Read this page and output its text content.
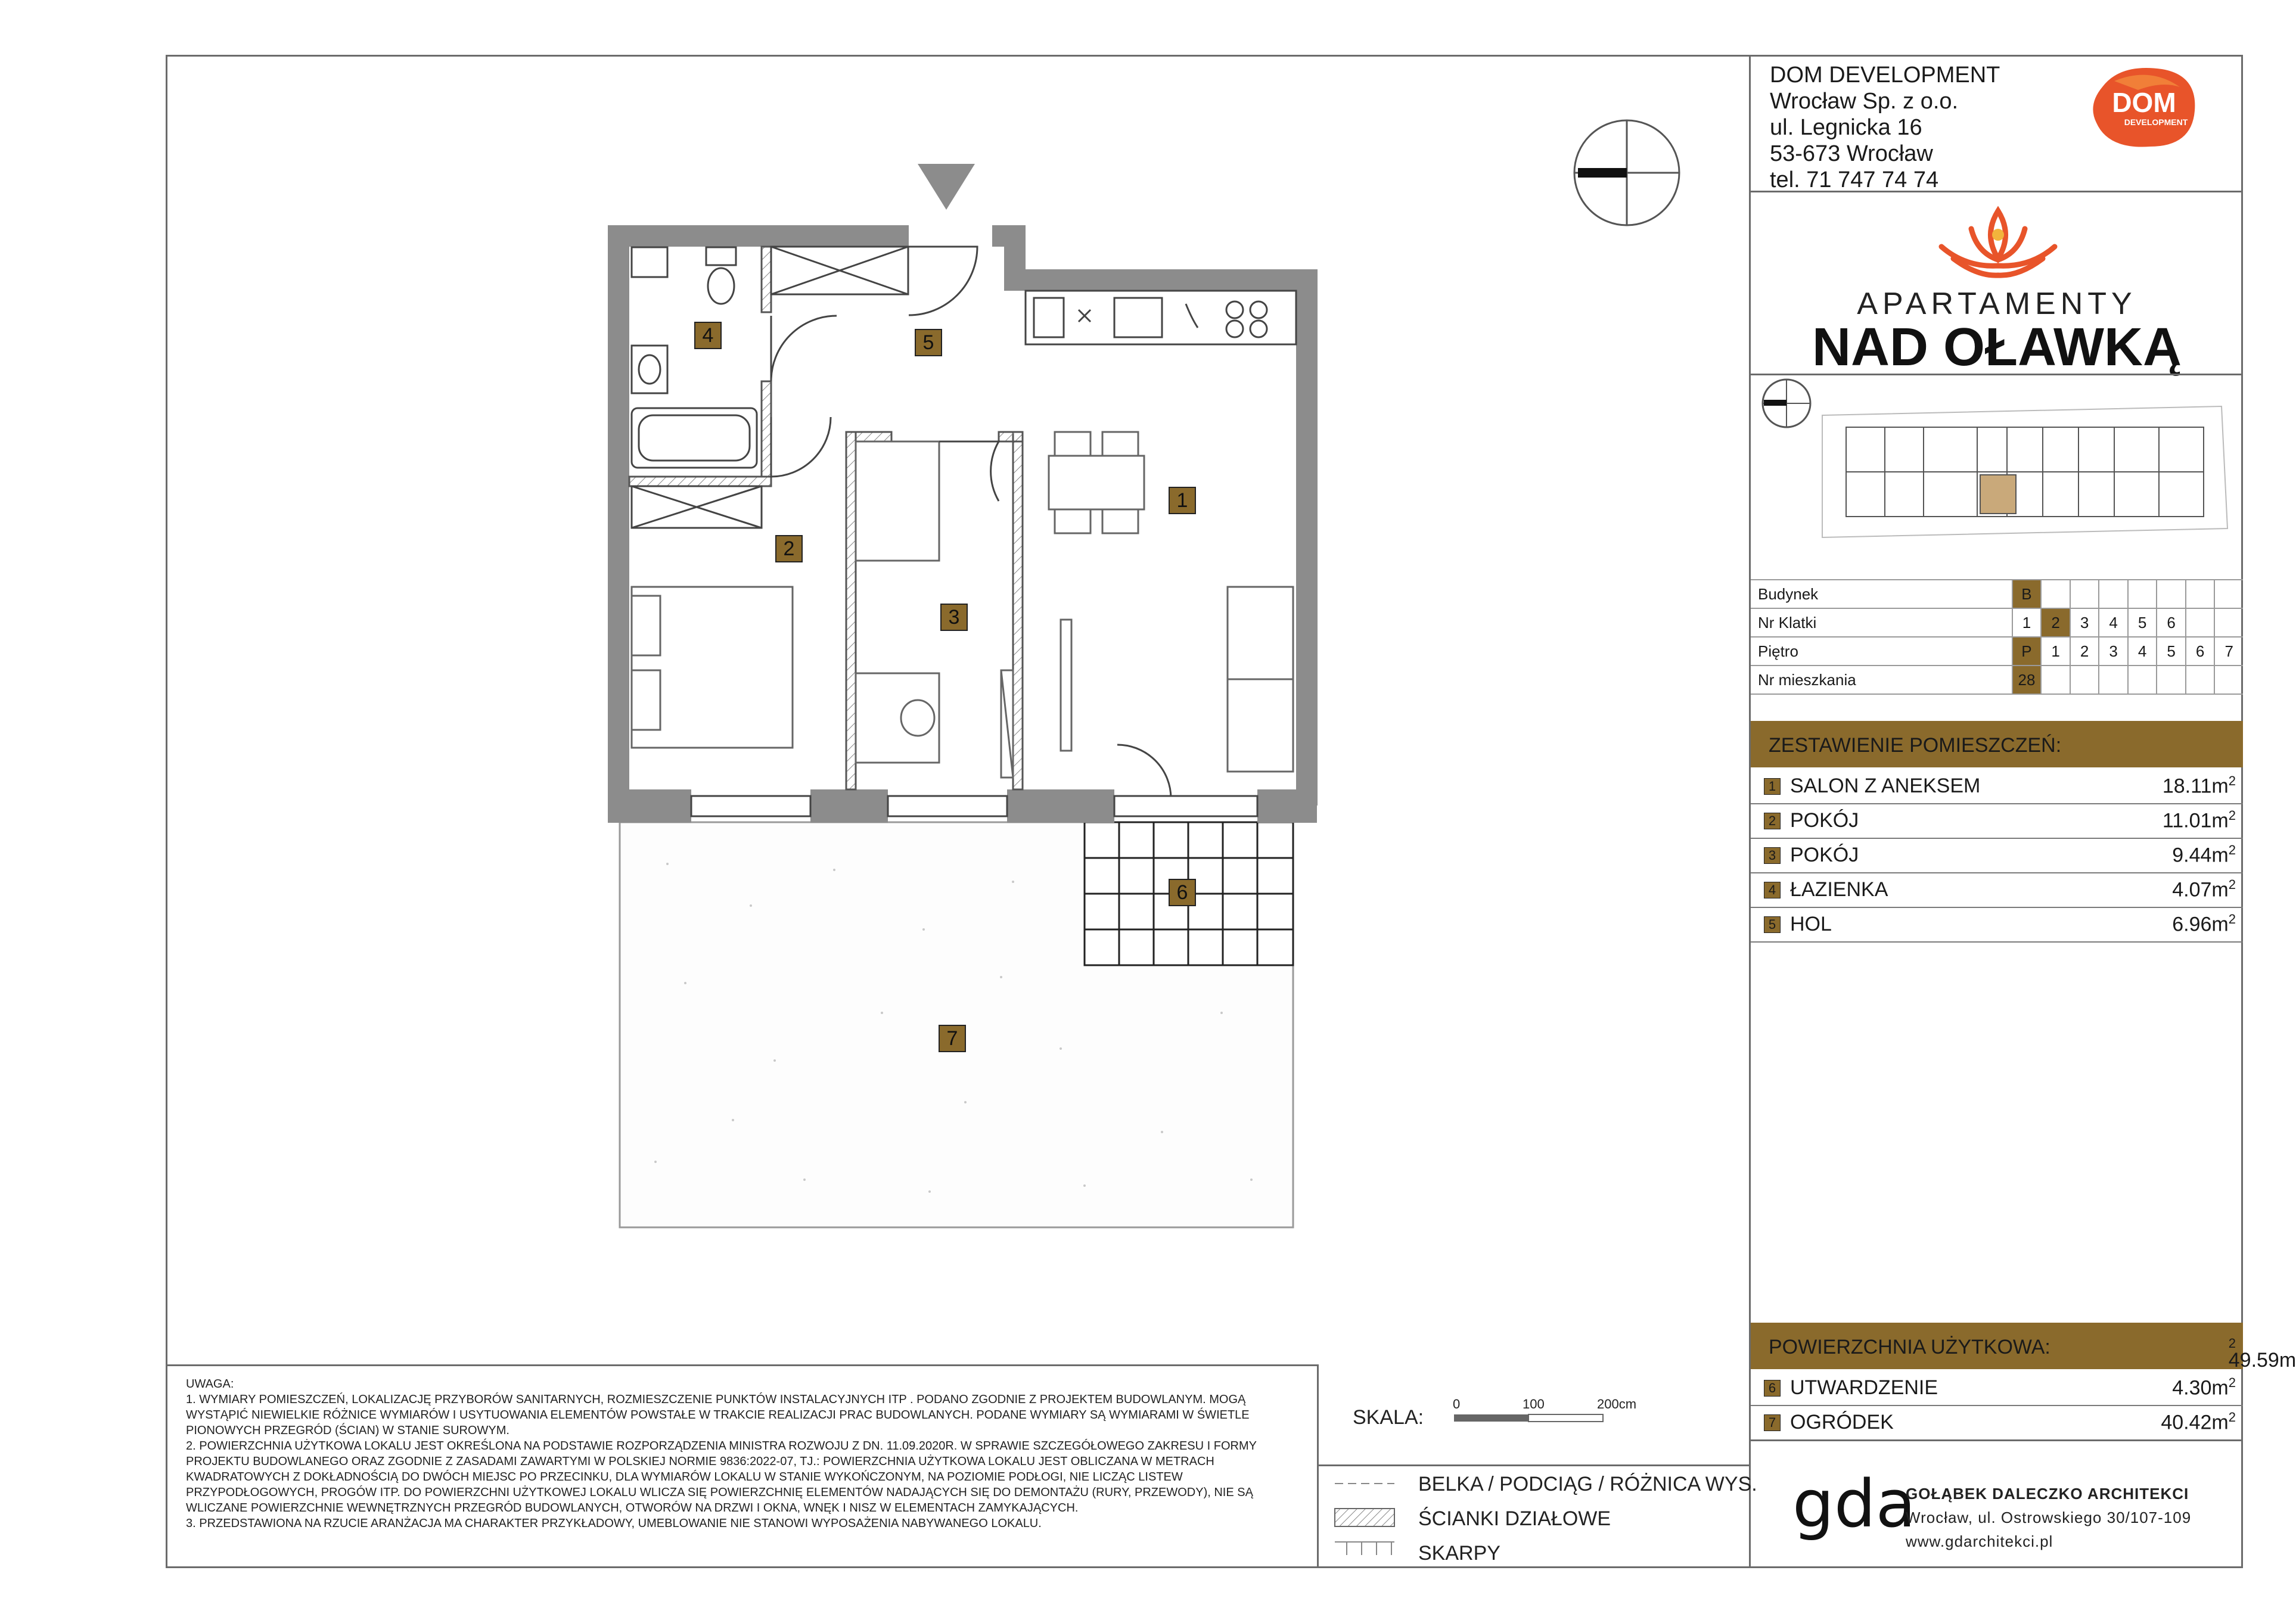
1
2
3
4	5
6
7
DOM DEVELOPMENT
Wrocław Sp. z o.o.
ul. Legnicka 16
53-673 Wrocław
tel. 71 747 74 74
DOM
DEVELOPMENT
APARTAMENTY
NAD OŁAWKĄ
Budynek	B							
Nr Klatki	1	2	3	4	5	6		
Piętro	P	1	2	3	4	5	6	7
Nr mieszkania	28							
ZESTAWIENIE POMIESZCZEŃ:
1 SALON Z ANEKSEM	$18.11m^2$
2 POKÓJ	$11.01m^2$
3 POKÓJ	$9.44m^2$
4 ŁAZIENKA	$4.07m^2$
5 HOL	$6.96m^2$
POWIERZCHNIA UŻYTKOWA:
49.59m
$^2$
6 UTWARDZENIE	$4.30m^2$
7 OGRÓDEK	$40.42m^2$
gda
GOŁĄBEK DALECZKO ARCHITEKCI
Wrocław, ul. Ostrowskiego 30/107-109
www.gdarchitekci.pl

UWAGA:

1. WYMIARY POMIESZCZEŃ, LOKALIZACJĘ PRZYBORÓW SANITARNYCH, ROZMIESZCZENIE PUNKTÓW INSTALACYJNYCH ITP . PODANO ZGODNIE Z PROJEKTEM BUDOWLANYM. MOGĄ

WYSTĄPIĆ NIEWIELKIE RÓŻNICE WYMIARÓW I USYTUOWANIA ELEMENTÓW POWSTAŁE W TRAKCIE REALIZACJI PRAC BUDOWLANYCH. PODANE WYMIARY SĄ WYMIARAMI W ŚWIETLE

PIONOWYCH PRZEGRÓD (ŚCIAN) W STANIE SUROWYM.

2. POWIERZCHNIA UŻYTKOWA LOKALU JEST OKREŚLONA NA PODSTAWIE ROZPORZĄDZENIA MINISTRA ROZWOJU Z DN. 11.09.2020R. W SPRAWIE SZCZEGÓŁOWEGO ZAKRESU I FORMY

PROJEKTU BUDOWLANEGO ORAZ ZGODNIE Z ZASADAMI ZAWARTYMI W POLSKIEJ NORMIE 9836:2022-07, TJ.: POWIERZCHNIA UŻYTKOWA LOKALU JEST OBLICZANA W METRACH

KWADRATOWYCH Z DOKŁADNOŚCIĄ DO DWÓCH MIEJSC PO PRZECINKU, DLA WYMIARÓW LOKALU W STANIE WYKOŃCZONYM, NA POZIOMIE PODŁOGI, NIE LICZĄC LISTEW

PRZYPODŁOGOWYCH, PROGÓW ITP. DO POWIERZCHNI UŻYTKOWEJ LOKALU WLICZA SIĘ POWIERZCHNIĘ ELEMENTÓW NADAJĄCYCH SIĘ DO DEMONTAŻU (RURY, PRZEWODY), NIE SĄ

WLICZANE POWIERZCHNIE WEWNĘTRZNYCH PRZEGRÓD BUDOWLANYCH, OTWORÓW NA DRZWI I OKNA, WNĘK I NISZ W ELEMENTACH ZAMYKAJĄCYCH.

3. PRZEDSTAWIONA NA RZUCIE ARANŻACJA MA CHARAKTER PRZYKŁADOWY, UMEBLOWANIE NIE STANOWI WYPOSAŻENIA NABYWANEGO LOKALU.

SKALA:
0	100	200cm
BELKA / PODCIĄG / RÓŻNICA WYS.
ŚCIANKI DZIAŁOWE
SKARPY
